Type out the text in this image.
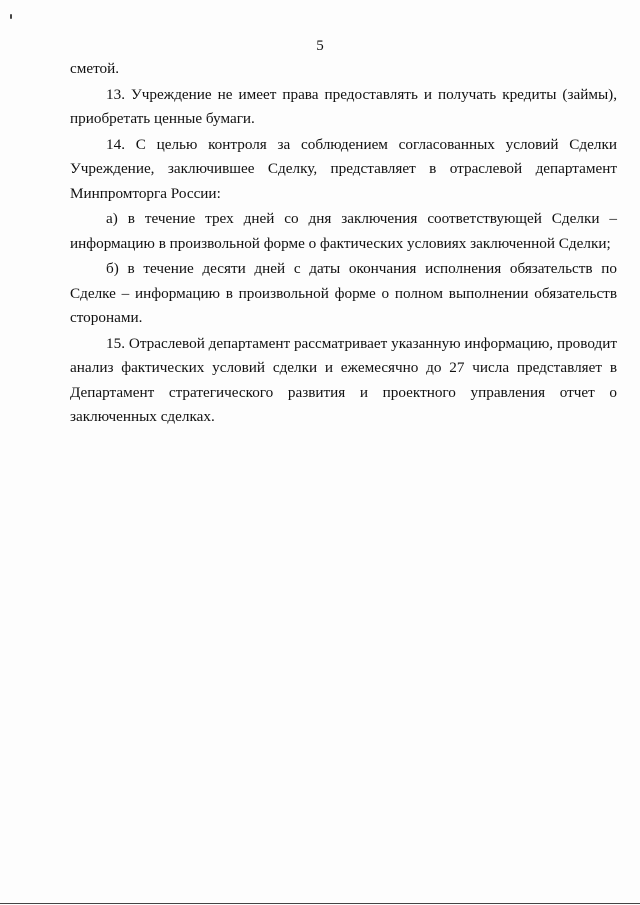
5

сметой.

13. Учреждение не имеет права предоставлять и получать кредиты (займы), приобретать ценные бумаги.

14. С целью контроля за соблюдением согласованных условий Сделки Учреждение, заключившее Сделку, представляет в отраслевой департамент Минпромторга России:

а) в течение трех дней со дня заключения соответствующей Сделки – информацию в произвольной форме о фактических условиях заключенной Сделки;

б) в течение десяти дней с даты окончания исполнения обязательств по Сделке – информацию в произвольной форме о полном выполнении обязательств сторонами.

15. Отраслевой департамент рассматривает указанную информацию, проводит анализ фактических условий сделки и ежемесячно до 27 числа представляет в Департамент стратегического развития и проектного управления отчет о заключенных сделках.
